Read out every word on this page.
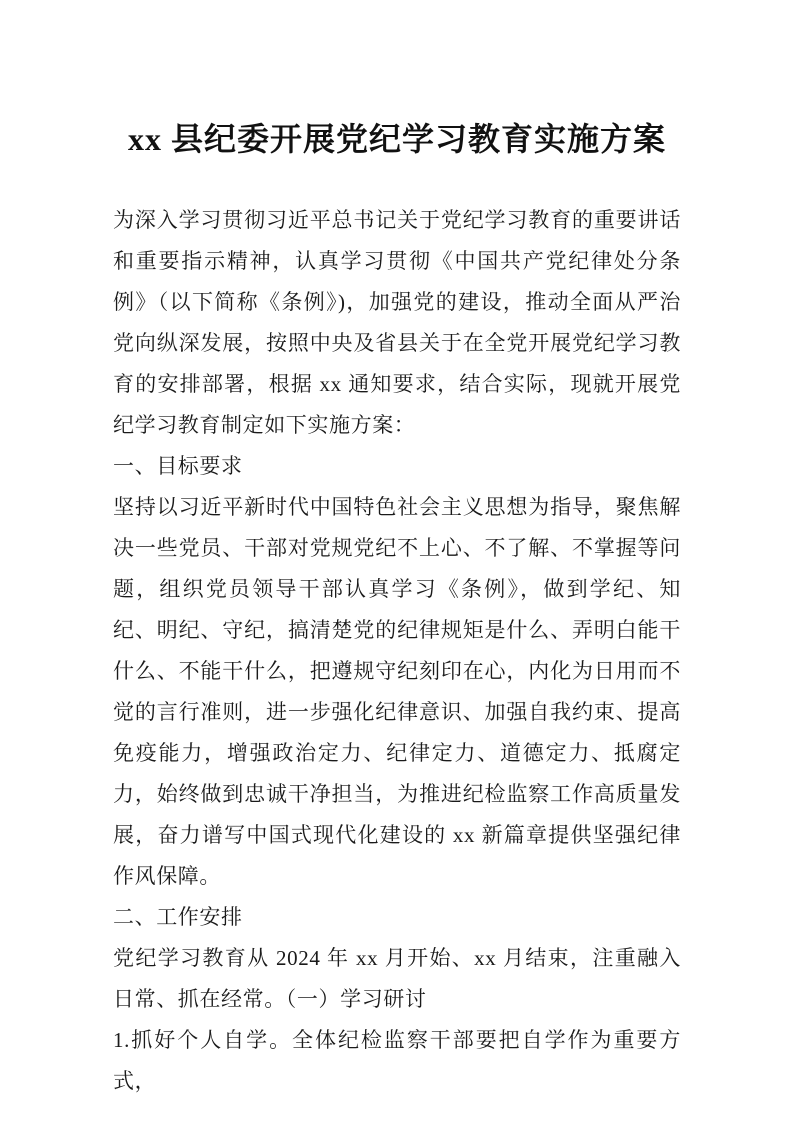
xx 县纪委开展党纪学习教育实施方案

为深入学习贯彻习近平总书记关于党纪学习教育的重要讲话和重要指示精神，认真学习贯彻《中国共产党纪律处分条例》（以下简称《条例》)，加强党的建设，推动全面从严治党向纵深发展，按照中央及省县关于在全党开展党纪学习教育的安排部署，根据 xx 通知要求，结合实际，现就开展党纪学习教育制定如下实施方案：

一、目标要求

坚持以习近平新时代中国特色社会主义思想为指导，聚焦解决一些党员、干部对党规党纪不上心、不了解、不掌握等问题，组织党员领导干部认真学习《条例》，做到学纪、知纪、明纪、守纪，搞清楚党的纪律规矩是什么、弄明白能干什么、不能干什么，把遵规守纪刻印在心，内化为日用而不觉的言行准则，进一步强化纪律意识、加强自我约束、提高免疫能力，增强政治定力、纪律定力、道德定力、抵腐定力，始终做到忠诚干净担当，为推进纪检监察工作高质量发展，奋力谱写中国式现代化建设的 xx 新篇章提供坚强纪律作风保障。

二、工作安排

党纪学习教育从 2024 年 xx 月开始、xx 月结束，注重融入日常、抓在经常。（一）学习研讨

1.抓好个人自学。全体纪检监察干部要把自学作为重要方式，
